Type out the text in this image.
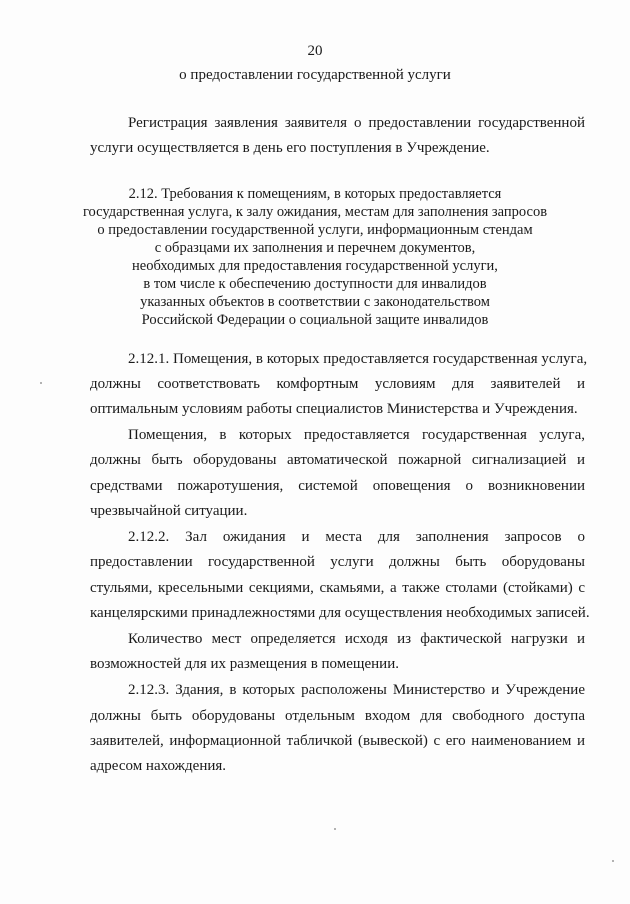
20
о предоставлении государственной услуги
Регистрация заявления заявителя о предоставлении государственной
услуги осуществляется в день его поступления в Учреждение.
2.12. Требования к помещениям, в которых предоставляется
государственная услуга, к залу ожидания, местам для заполнения запросов
о предоставлении государственной услуги, информационным стендам
с образцами их заполнения и перечнем документов,
необходимых для предоставления государственной услуги,
в том числе к обеспечению доступности для инвалидов
указанных объектов в соответствии с законодательством
Российской Федерации о социальной защите инвалидов
2.12.1. Помещения, в которых предоставляется государственная услуга,
должны соответствовать комфортным условиям для заявителей и
оптимальным условиям работы специалистов Министерства и Учреждения.
Помещения, в которых предоставляется государственная услуга,
должны быть оборудованы автоматической пожарной сигнализацией и
средствами пожаротушения, системой оповещения о возникновении
чрезвычайной ситуации.
2.12.2. Зал ожидания и места для заполнения запросов о
предоставлении государственной услуги должны быть оборудованы
стульями, кресельными секциями, скамьями, а также столами (стойками) с
канцелярскими принадлежностями для осуществления необходимых записей.
Количество мест определяется исходя из фактической нагрузки и
возможностей для их размещения в помещении.
2.12.3. Здания, в которых расположены Министерство и Учреждение
должны быть оборудованы отдельным входом для свободного доступа
заявителей, информационной табличкой (вывеской) с его наименованием и
адресом нахождения.
